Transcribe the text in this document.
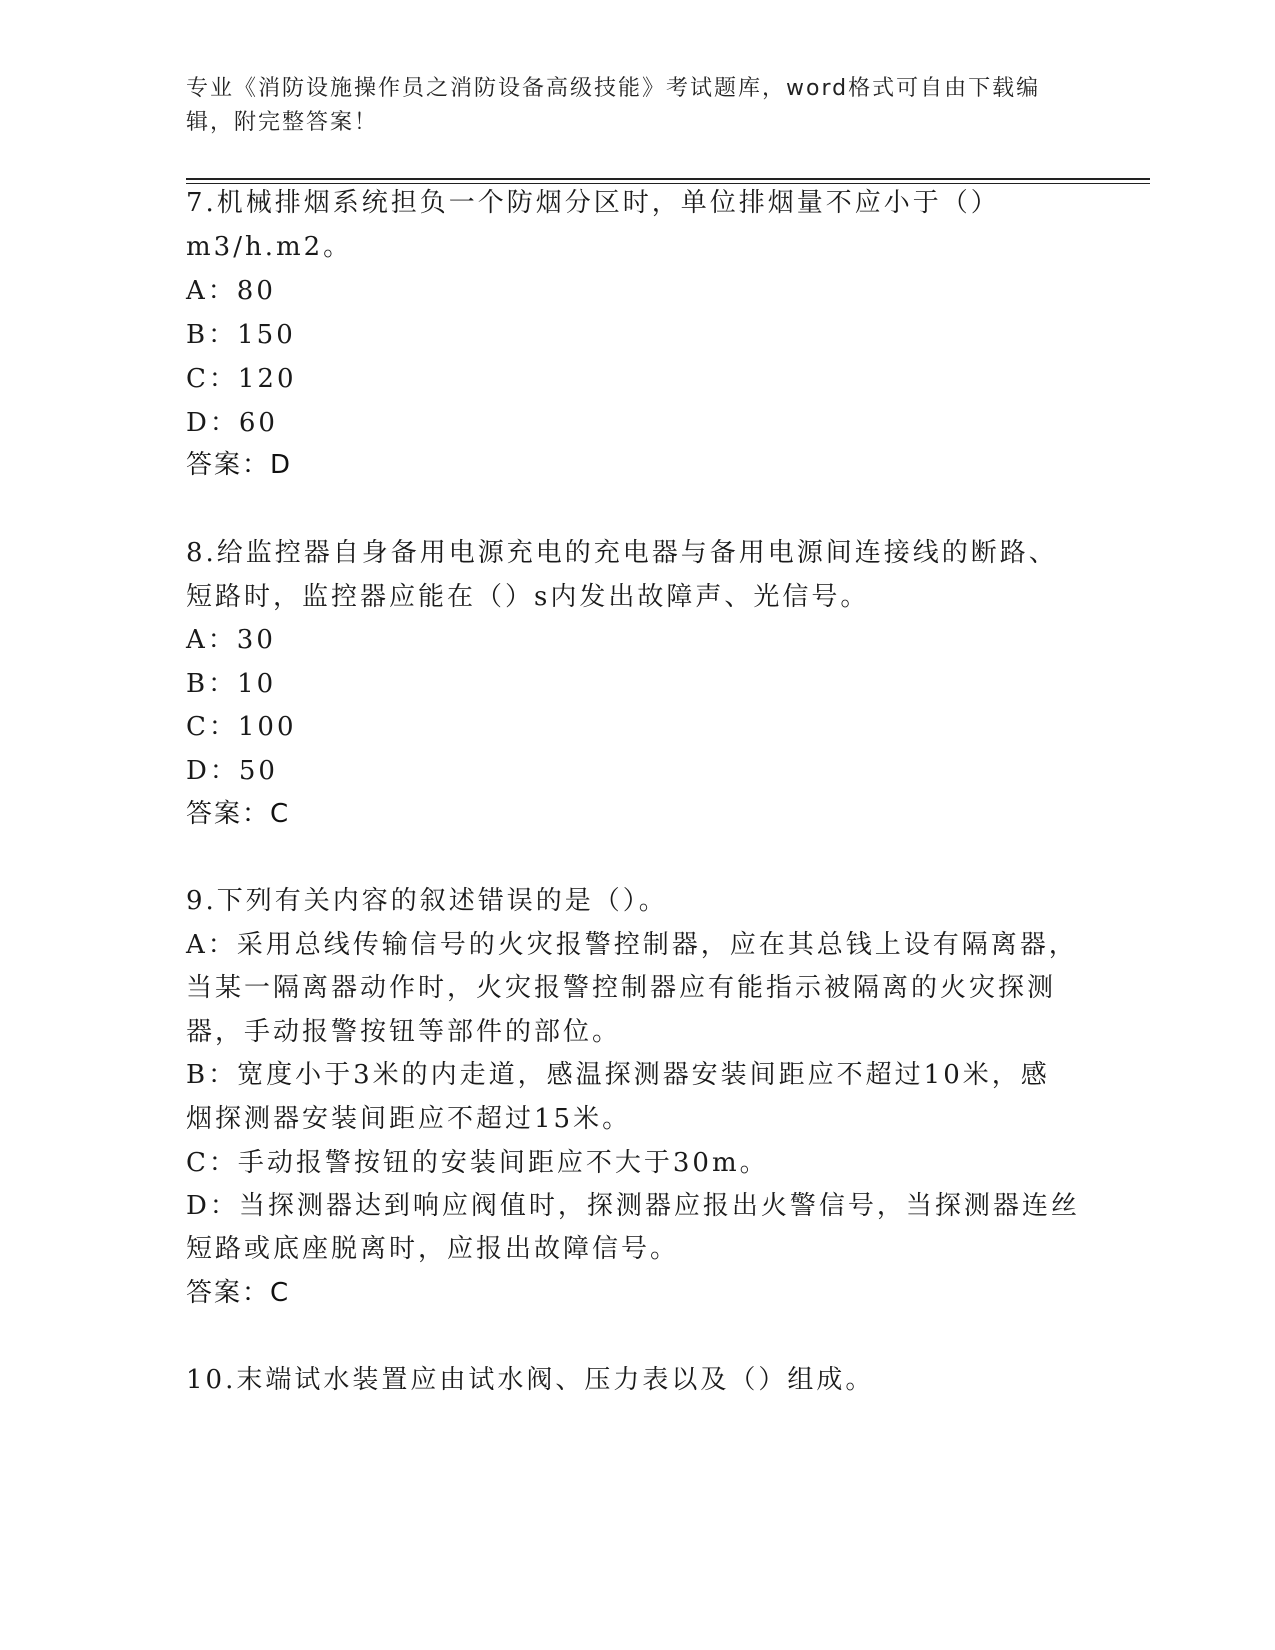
专业《消防设施操作员之消防设备高级技能》考试题库，word格式可自由下载编
辑，附完整答案！
7.机械排烟系统担负一个防烟分区时，单位排烟量不应小于（）
m3/h.m2。
A：80
B：150
C：120
D：60
答案：D
8.给监控器自身备用电源充电的充电器与备用电源间连接线的断路、
短路时，监控器应能在（）s内发出故障声、光信号。
A：30
B：10
C：100
D：50
答案：C
9.下列有关内容的叙述错误的是（）。
A：采用总线传输信号的火灾报警控制器，应在其总钱上设有隔离器，
当某一隔离器动作时，火灾报警控制器应有能指示被隔离的火灾探测
器，手动报警按钮等部件的部位。
B：宽度小于3米的内走道，感温探测器安装间距应不超过10米，感
烟探测器安装间距应不超过15米。
C：手动报警按钮的安装间距应不大于30m。
D：当探测器达到响应阀值时，探测器应报出火警信号，当探测器连丝
短路或底座脱离时，应报出故障信号。
答案：C
10.末端试水装置应由试水阀、压力表以及（）组成。
